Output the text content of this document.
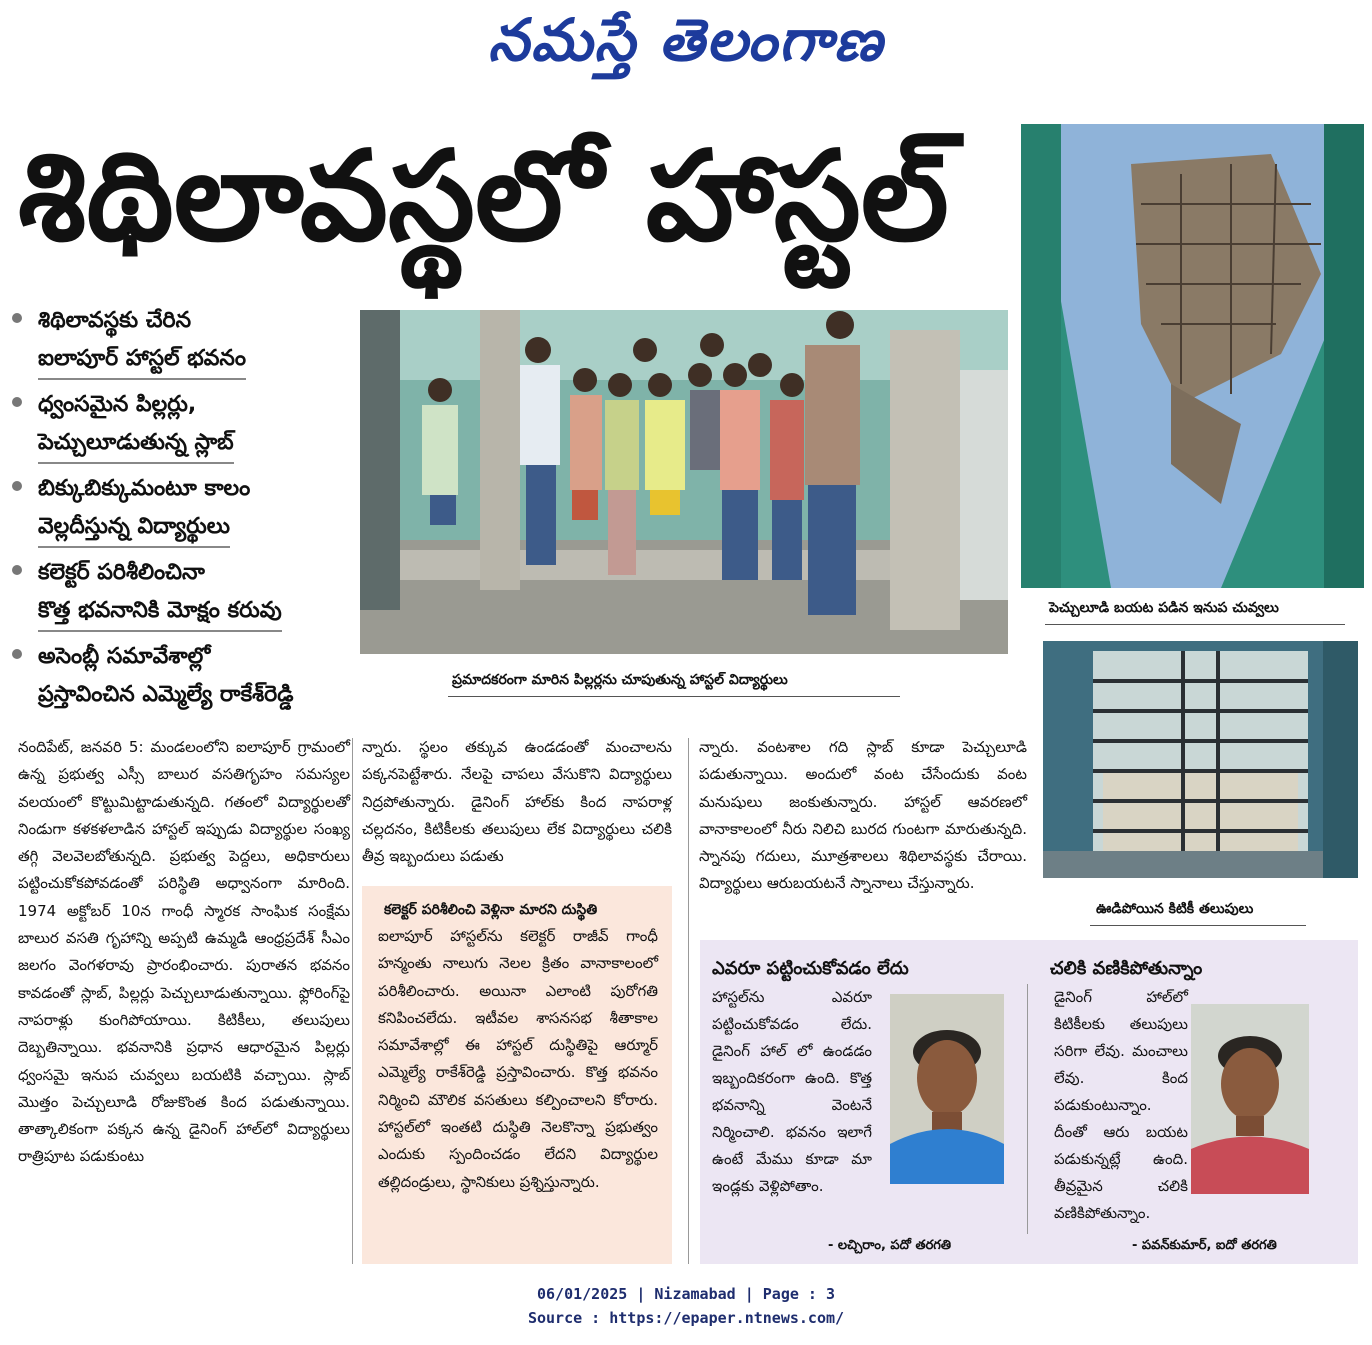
నమస్తే తెలంగాణ
శిథిలావస్థలో హాస్టల్
శిథిలావస్థకు చేరిన
ఐలాపూర్ హాస్టల్ భవనం
ధ్వంసమైన పిల్లర్లు,
పెచ్చులూడుతున్న స్లాబ్
బిక్కుబిక్కుమంటూ కాలం
వెల్లదీస్తున్న విద్యార్థులు
కలెక్టర్ పరిశీలించినా
కొత్త భవనానికి మోక్షం కరువు
అసెంబ్లీ సమావేశాల్లో
ప్రస్తావించిన ఎమ్మెల్యే రాకేశ్‌రెడ్డి
ప్రమాదకరంగా మారిన పిల్లర్లను చూపుతున్న హాస్టల్ విద్యార్థులు
పెచ్చులూడి బయట పడిన ఇనుప చువ్వలు
ఊడిపోయిన కిటికీ తలుపులు
నందిపేట్, జనవరి 5: మండలంలోని ఐలాపూర్ గ్రామంలో ఉన్న ప్రభుత్వ ఎస్సీ బాలుర వసతిగృహం సమస్యల వలయంలో కొట్టుమిట్టాడుతున్నది. గతంలో విద్యార్థులతో నిండుగా కళకళలాడిన హాస్టల్ ఇప్పుడు విద్యార్థుల సంఖ్య తగ్గి వెలవెలబోతున్నది. ప్రభుత్వ పెద్దలు, అధికారులు పట్టించుకోకపోవడంతో పరిస్థితి అధ్వానంగా మారింది. 1974 అక్టోబర్ 10న గాంధీ స్మారక సాంఘిక సంక్షేమ బాలుర వసతి గృహాన్ని అప్పటి ఉమ్మడి ఆంధ్రప్రదేశ్ సీఎం జలగం వెంగళరావు ప్రారంభించారు. పురాతన భవనం కావడంతో స్లాబ్, పిల్లర్లు పెచ్చులూడుతున్నాయి. ఫ్లోరింగ్‌పై నాపరాళ్లు కుంగిపోయాయి. కిటికీలు, తలుపులు దెబ్బతిన్నాయి. భవనానికి ప్రధాన ఆధారమైన పిల్లర్లు ధ్వంసమై ఇనుప చువ్వలు బయటికి వచ్చాయి. స్లాబ్ మొత్తం పెచ్చులూడి రోజుకొంత కింద పడుతున్నాయి. తాత్కాలికంగా పక్కన ఉన్న డైనింగ్ హాల్‌లో విద్యార్థులు రాత్రిపూట పడుకుంటు
న్నారు. స్థలం తక్కువ ఉండడంతో మంచాలను పక్కనపెట్టేశారు. నేలపై చాపలు వేసుకొని విద్యార్థులు నిద్రపోతున్నారు. డైనింగ్ హాల్‌కు కింద నాపరాళ్ల చల్లదనం, కిటికీలకు తలుపులు లేక విద్యార్థులు చలికి తీవ్ర ఇబ్బందులు పడుతు
న్నారు. వంటశాల గది స్లాబ్ కూడా పెచ్చులూడి పడుతున్నాయి. అందులో వంట చేసేందుకు వంట మనుషులు జంకుతున్నారు. హాస్టల్ ఆవరణలో వానాకాలంలో నీరు నిలిచి బురద గుంటగా మారుతున్నది. స్నానపు గదులు, మూత్రశాలలు శిథిలావస్థకు చేరాయి. విద్యార్థులు ఆరుబయటనే స్నానాలు చేస్తున్నారు.
కలెక్టర్ పరిశీలించి వెళ్లినా మారని దుస్థితి
ఐలాపూర్ హాస్టల్‌ను కలెక్టర్ రాజీవ్ గాంధీ హన్మంతు నాలుగు నెలల క్రితం వానాకాలంలో పరిశీలించారు. అయినా ఎలాంటి పురోగతి కనిపించలేదు. ఇటీవల శాసనసభ శీతాకాల సమావేశాల్లో ఈ హాస్టల్ దుస్థితిపై ఆర్మూర్ ఎమ్మెల్యే రాకేశ్‌రెడ్డి ప్రస్తావించారు. కొత్త భవనం నిర్మించి మౌలిక వసతులు కల్పించాలని కోరారు. హాస్టల్‌లో ఇంతటి దుస్థితి నెలకొన్నా ప్రభుత్వం ఎందుకు స్పందించడం లేదని విద్యార్థుల తల్లిదండ్రులు, స్థానికులు ప్రశ్నిస్తున్నారు.
ఎవరూ పట్టించుకోవడం లేదు
హాస్టల్‌ను ఎవరూ పట్టించుకోవడం లేదు. డైనింగ్ హాల్ లో ఉండడం ఇబ్బందికరంగా ఉంది. కొత్త భవనాన్ని వెంటనే నిర్మించాలి. భవనం ఇలాగే ఉంటే మేము కూడా మా ఇండ్లకు వెళ్లిపోతాం.
- లచ్చిరాం, పదో తరగతి
చలికి వణికిపోతున్నాం
డైనింగ్ హాల్‌లో కిటికీలకు తలుపులు సరిగా లేవు. మంచాలు లేవు. కింద పడుకుంటున్నాం. దీంతో ఆరు బయట పడుకున్నట్లే ఉంది. తీవ్రమైన చలికి వణికిపోతున్నాం.
- పవన్‌కుమార్, ఐదో తరగతి
06/01/2025 | Nizamabad | Page : 3
Source : https://epaper.ntnews.com/
